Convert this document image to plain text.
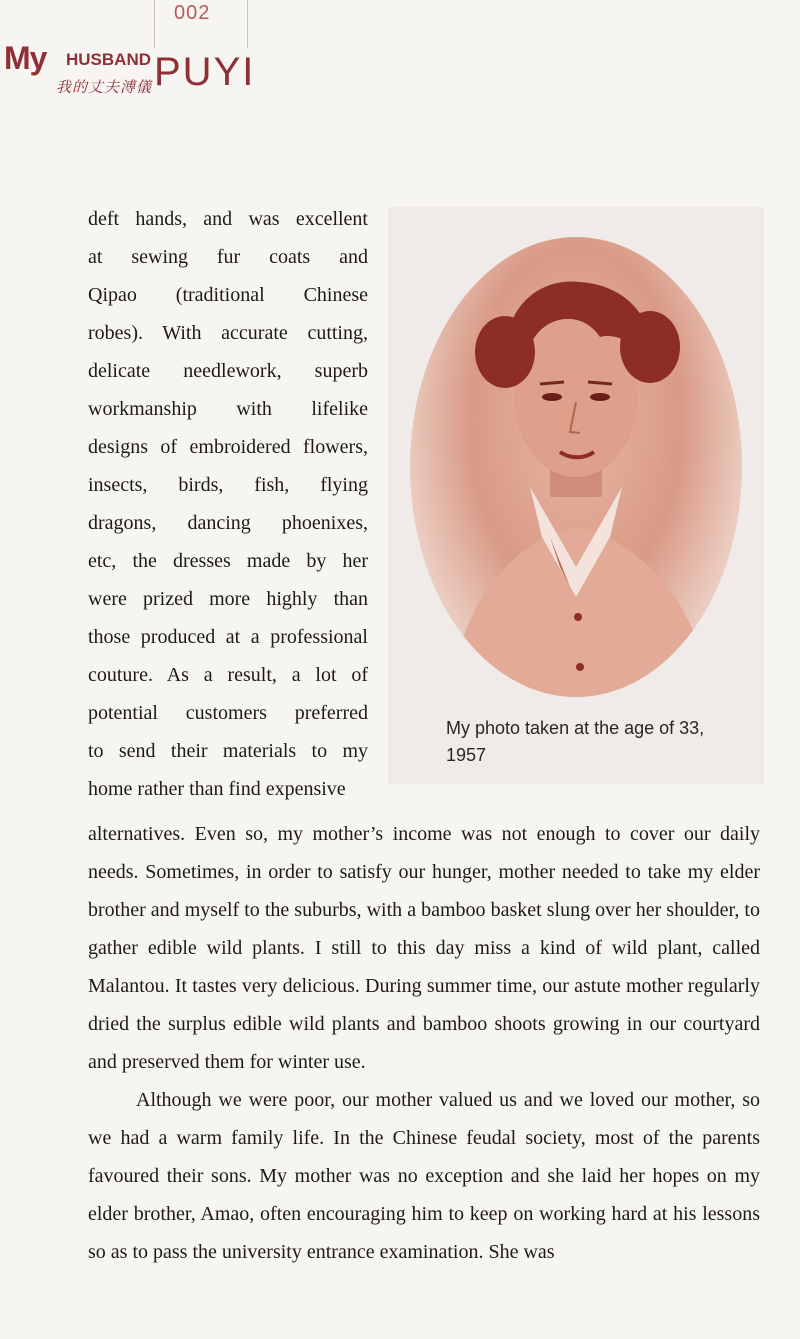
002
My HUSBAND
我的丈夫溥儀 PUYI
deft hands, and was excellent
at sewing fur coats and
Qipao (traditional Chinese
robes). With accurate cutting,
delicate needlework, superb
workmanship with lifelike
designs of embroidered flowers,
insects, birds, fish, flying
dragons, dancing phoenixes,
etc, the dresses made by her
were prized more highly than
those produced at a professional
couture. As a result, a lot of
potential customers preferred
to send their materials to my
home rather than find expensive
My photo taken at the age of 33, 1957

alternatives. Even so, my mother’s income was not enough to cover our daily needs. Sometimes, in order to satisfy our hunger, mother needed to take my elder brother and myself to the suburbs, with a bamboo basket slung over her shoulder, to gather edible wild plants. I still to this day miss a kind of wild plant, called Malantou. It tastes very delicious. During summer time, our astute mother regularly dried the surplus edible wild plants and bamboo shoots growing in our courtyard and preserved them for winter use.

Although we were poor, our mother valued us and we loved our mother, so we had a warm family life. In the Chinese feudal society, most of the parents favoured their sons. My mother was no exception and she laid her hopes on my elder brother, Amao, often encouraging him to keep on working hard at his lessons so as to pass the university entrance examination. She was
